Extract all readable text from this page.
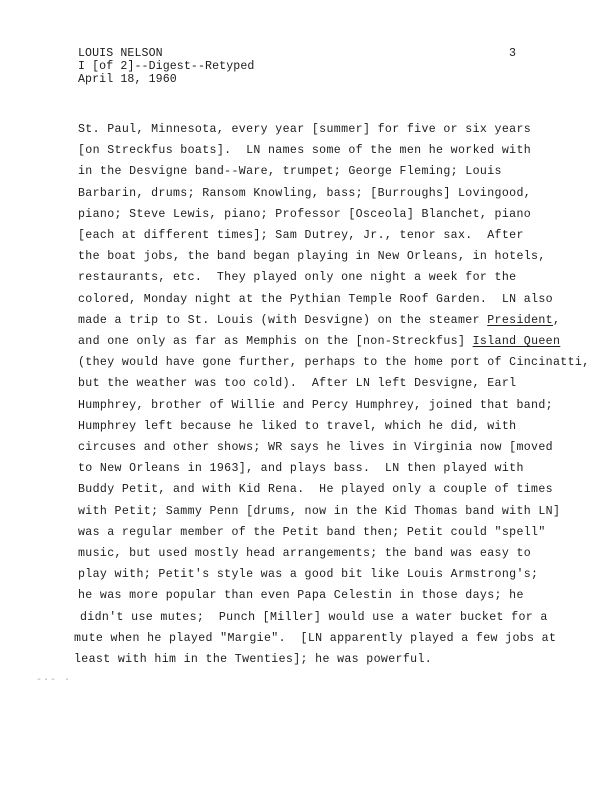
LOUIS NELSON
I [of 2]--Digest--Retyped
April 18, 1960
3
St. Paul, Minnesota, every year [summer] for five or six years
[on Streckfus boats].  LN names some of the men he worked with
in the Desvigne band--Ware, trumpet; George Fleming; Louis
Barbarin, drums; Ransom Knowling, bass; [Burroughs] Lovingood,
piano; Steve Lewis, piano; Professor [Osceola] Blanchet, piano
[each at different times]; Sam Dutrey, Jr., tenor sax.  After
the boat jobs, the band began playing in New Orleans, in hotels,
restaurants, etc.  They played only one night a week for the
colored, Monday night at the Pythian Temple Roof Garden.  LN also
made a trip to St. Louis (with Desvigne) on the steamer President,
and one only as far as Memphis on the [non-Streckfus] Island Queen
(they would have gone further, perhaps to the home port of Cincinatti,
but the weather was too cold).  After LN left Desvigne, Earl
Humphrey, brother of Willie and Percy Humphrey, joined that band;
Humphrey left because he liked to travel, which he did, with
circuses and other shows; WR says he lives in Virginia now [moved
to New Orleans in 1963], and plays bass.  LN then played with
Buddy Petit, and with Kid Rena.  He played only a couple of times
with Petit; Sammy Penn [drums, now in the Kid Thomas band with LN]
was a regular member of the Petit band then; Petit could "spell"
music, but used mostly head arrangements; the band was easy to
play with; Petit's style was a good bit like Louis Armstrong's;
he was more popular than even Papa Celestin in those days; he
didn't use mutes;  Punch [Miller] would use a water bucket for a
mute when he played "Margie".  [LN apparently played a few jobs at
least with him in the Twenties]; he was powerful.
-·- ·
